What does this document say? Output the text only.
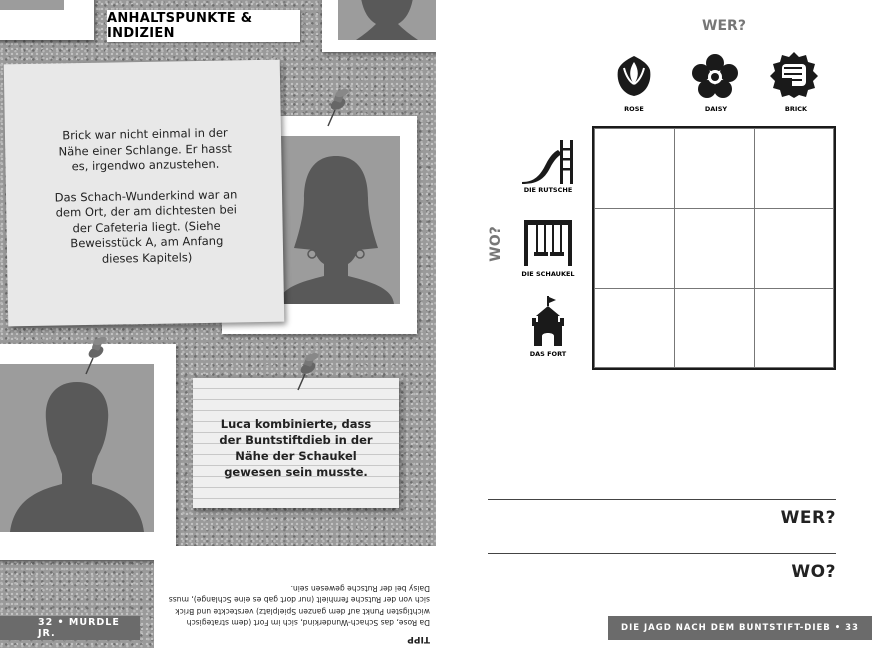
ANHALTSPUNKTE & INDIZIEN
Brick war nicht einmal in der Nähe einer Schlange. Er hasst es, irgendwo anzustehen.
Das Schach-Wunderkind war an dem Ort, der am dichtesten bei der Cafeteria liegt. (Siehe Beweisstück A, am Anfang dieses Kapitels)
Luca kombinierte, dass der Buntstiftdieb in der Nähe der Schaukel gewesen sein musste.
TIPP
Da Rose, das Schach-Wunderkind, sich im Fort (dem strategisch wichtigsten Punkt auf dem ganzen Spielplatz) versteckte und Brick sich von der Rutsche fernhielt (nur dort gab es eine Schlange), muss Daisy bei der Rutsche gewesen sein.
32 • MURDLE JR.
WER?
ROSE	DAISY	BRICK
WO?
DIE RUTSCHE
DIE SCHAUKEL
DAS FORT
WER?
WO?
DIE JAGD NACH DEM BUNTSTIFT-DIEB • 33
